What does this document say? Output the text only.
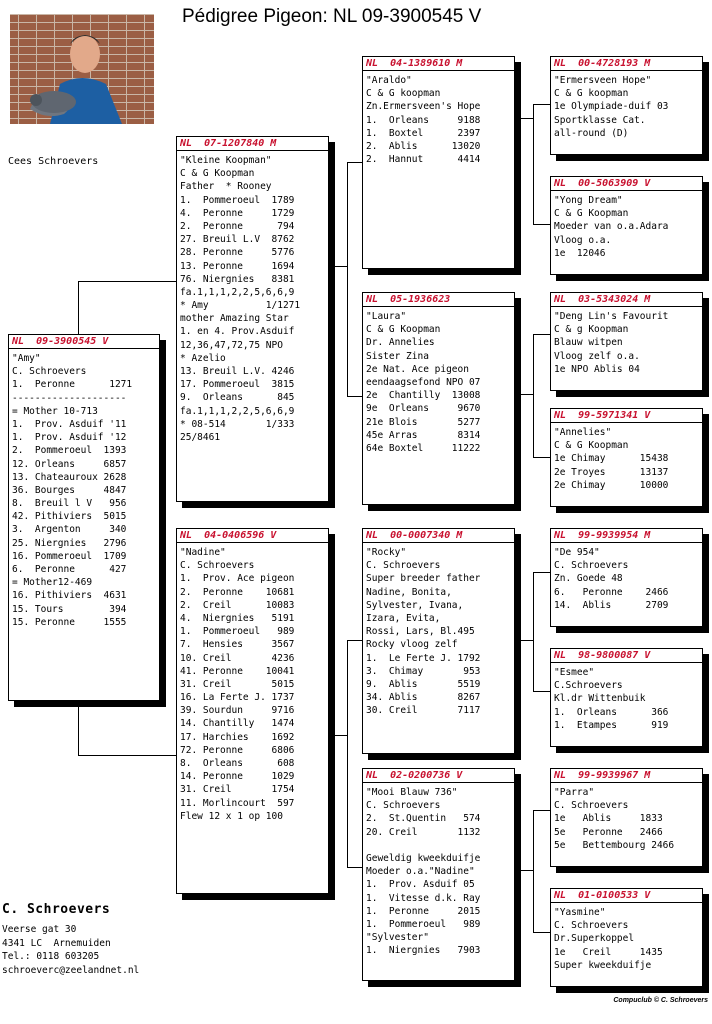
Pédigree Pigeon: NL 09-3900545 V
Cees Schroevers
NL  09-3900545 V
"Amy"
C. Schroevers
1.  Peronne      1271
--------------------
= Mother 10-713
1.  Prov. Asduif '11
1.  Prov. Asduif '12
2.  Pommeroeul  1393
12. Orleans     6857
13. Chateauroux 2628
36. Bourges     4847
8.  Breuil l V   956
42. Pithiviers  5015
3.  Argenton     340
25. Niergnies   2796
16. Pommeroeul  1709
6.  Peronne      427
= Mother12-469
16. Pithiviers  4631
15. Tours        394
15. Peronne     1555
NL  07-1207840 M
"Kleine Koopman"
C & G Koopman
Father  * Rooney
1.  Pommeroeul  1789
4.  Peronne     1729
2.  Peronne      794
27. Breuil L.V  8762
28. Peronne     5776
13. Peronne     1694
76. Niergnies   8381
fa.1,1,1,2,2,5,6,6,9
* Amy          1/1271
mother Amazing Star
1. en 4. Prov.Asduif
12,36,47,72,75 NPO
* Azelio
13. Breuil L.V. 4246
17. Pommeroeul  3815
9.  Orleans      845
fa.1,1,1,2,2,5,6,6,9
* 08-514       1/333
25/8461
NL  04-0406596 V
"Nadine"
C. Schroevers
1.  Prov. Ace pigeon
2.  Peronne    10681
2.  Creil      10083
4.  Niergnies   5191
1.  Pommeroeul   989
7.  Hensies     3567
10. Creil       4236
41. Peronne    10041
31. Creil       5015
16. La Ferte J. 1737
39. Sourdun     9716
14. Chantilly   1474
17. Harchies    1692
72. Peronne     6806
8.  Orleans      608
14. Peronne     1029
31. Creil       1754
11. Morlincourt  597
Flew 12 x 1 op 100
NL  04-1389610 M
"Araldo"
C & G koopman
Zn.Ermersveen's Hope
1.  Orleans     9188
1.  Boxtel      2397
2.  Ablis      13020
2.  Hannut      4414
NL  05-1936623
"Laura"
C & G Koopman
Dr. Annelies
Sister Zina
2e Nat. Ace pigeon
eendaagsefond NPO 07
2e  Chantilly  13008
9e  Orleans     9670
21e Blois       5277
45e Arras       8314
64e Boxtel     11222
NL  00-0007340 M
"Rocky"
C. Schroevers
Super breeder father
Nadine, Bonita,
Sylvester, Ivana,
Izara, Evita,
Rossi, Lars, Bl.495
Rocky vloog zelf
1.  Le Ferte J. 1792
3.  Chimay       953
9.  Ablis       5519
34. Ablis       8267
30. Creil       7117
NL  02-0200736 V
"Mooi Blauw 736"
C. Schroevers
2.  St.Quentin   574
20. Creil       1132
Geweldig kweekduifje
Moeder o.a."Nadine"
1.  Prov. Asduif 05
1.  Vitesse d.k. Ray
1.  Peronne     2015
1.  Pommeroeul   989
"Sylvester"
1.  Niergnies   7903
NL  00-4728193 M
"Ermersveen Hope"
C & G koopman
1e Olympiade-duif 03
Sportklasse Cat.
all-round (D)
NL  00-5063909 V
"Yong Dream"
C & G Koopman
Moeder van o.a.Adara
Vloog o.a.
1e  12046
NL  03-5343024 M
"Deng Lin's Favourit
C & g Koopman
Blauw witpen
Vloog zelf o.a.
1e NPO Ablis 04
NL  99-5971341 V
"Annelies"
C & G Koopman
1e Chimay      15438
2e Troyes      13137
2e Chimay      10000
NL  99-9939954 M
"De 954"
C. Schroevers
Zn. Goede 48
6.   Peronne    2466
14.  Ablis      2709
NL  98-9800087 V
"Esmee"
C.Schroevers
Kl.dr Wittenbuik
1.  Orleans      366
1.  Etampes      919
NL  99-9939967 M
"Parra"
C. Schroevers
1e   Ablis     1833
5e   Peronne   2466
5e   Bettembourg 2466
NL  01-0100533 V
"Yasmine"
C. Schroevers
Dr.Superkoppel
1e   Creil     1435
Super kweekduifje
C. Schroevers
Veerse gat 30
4341 LC  Arnemuiden
Tel.: 0118 603205
schroeverc@zeelandnet.nl
Compuclub © C. Schroevers
